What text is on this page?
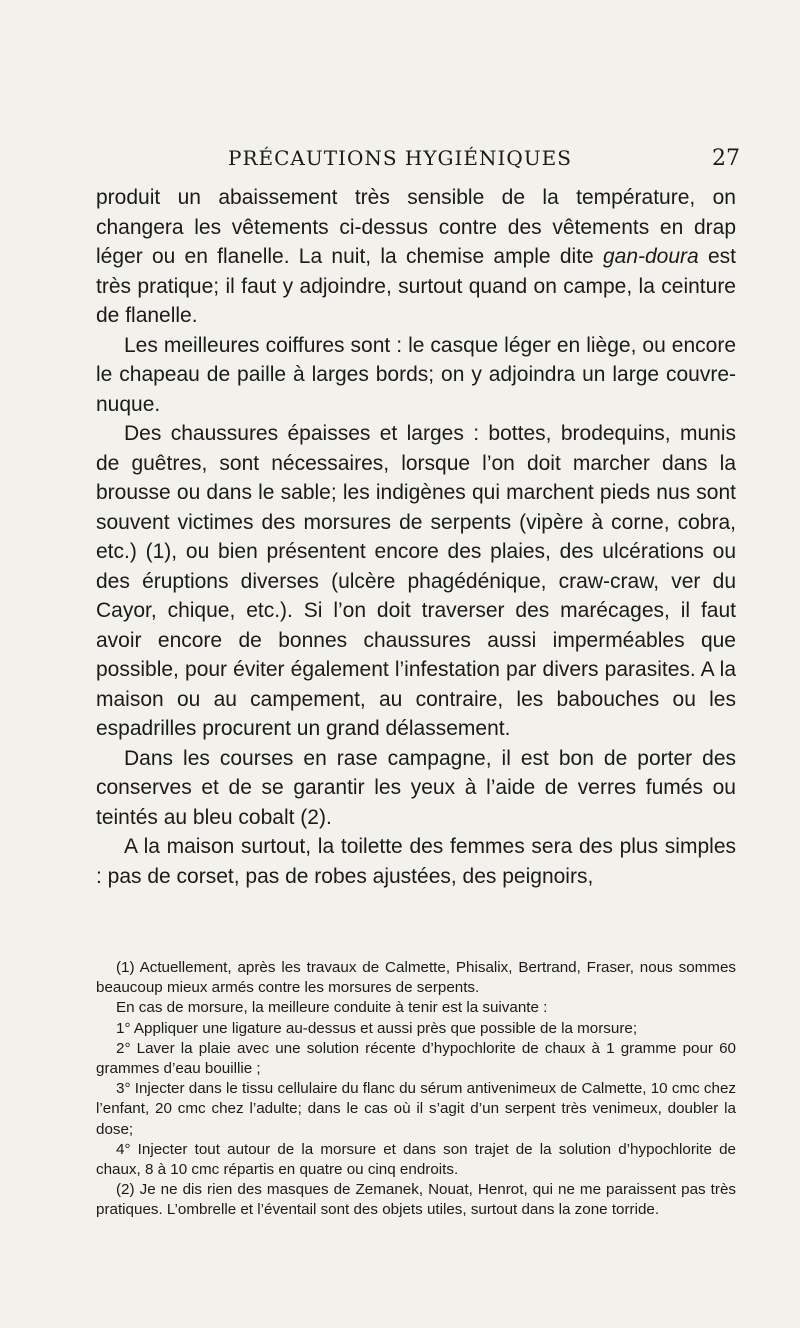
PRÉCAUTIONS HYGIÉNIQUES	27

produit un abaissement très sensible de la température, on changera les vêtements ci-dessus contre des vêtements en drap léger ou en flanelle. La nuit, la chemise ample dite gan-doura est très pratique; il faut y adjoindre, surtout quand on campe, la ceinture de flanelle.

Les meilleures coiffures sont : le casque léger en liège, ou encore le chapeau de paille à larges bords; on y adjoindra un large couvre-nuque.

Des chaussures épaisses et larges : bottes, brodequins, munis de guêtres, sont nécessaires, lorsque l’on doit marcher dans la brousse ou dans le sable; les indigènes qui marchent pieds nus sont souvent victimes des morsures de serpents (vipère à corne, cobra, etc.) (1), ou bien présentent encore des plaies, des ulcérations ou des éruptions diverses (ulcère phagédénique, craw-craw, ver du Cayor, chique, etc.). Si l’on doit traverser des marécages, il faut avoir encore de bonnes chaussures aussi imperméables que possible, pour éviter également l’infestation par divers parasites. A la maison ou au campement, au contraire, les babouches ou les espadrilles procurent un grand délassement.

Dans les courses en rase campagne, il est bon de porter des conserves et de se garantir les yeux à l’aide de verres fumés ou teintés au bleu cobalt (2).

A la maison surtout, la toilette des femmes sera des plus simples : pas de corset, pas de robes ajustées, des peignoirs,

(1) Actuellement, après les travaux de Calmette, Phisalix, Bertrand, Fraser, nous sommes beaucoup mieux armés contre les morsures de serpents.

En cas de morsure, la meilleure conduite à tenir est la suivante :

1° Appliquer une ligature au-dessus et aussi près que possible de la morsure;

2° Laver la plaie avec une solution récente d’hypochlorite de chaux à 1 gramme pour 60 grammes d’eau bouillie ;

3° Injecter dans le tissu cellulaire du flanc du sérum antivenimeux de Calmette, 10 cmc chez l’enfant, 20 cmc chez l’adulte; dans le cas où il s’agit d’un serpent très venimeux, doubler la dose;

4° Injecter tout autour de la morsure et dans son trajet de la solution d’hypochlorite de chaux, 8 à 10 cmc répartis en quatre ou cinq endroits.

(2) Je ne dis rien des masques de Zemanek, Nouat, Henrot, qui ne me paraissent pas très pratiques. L’ombrelle et l’éventail sont des objets utiles, surtout dans la zone torride.
